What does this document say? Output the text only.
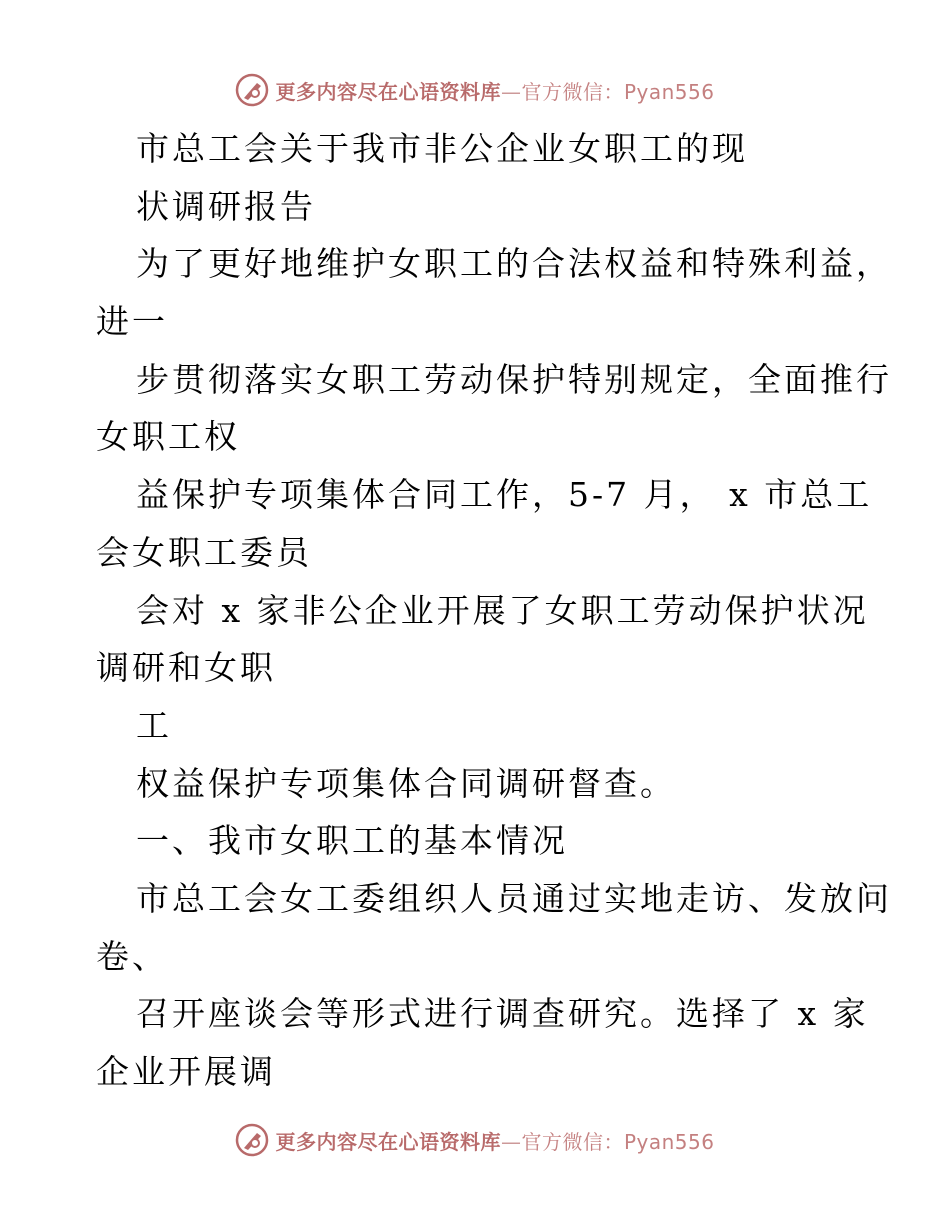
更多内容尽在心语资料库—官方微信：Pyan556
市总工会关于我市非公企业女职工的现
状调研报告
为了更好地维护女职工的合法权益和特殊利益，
进一
步贯彻落实女职工劳动保护特别规定，全面推行
女职工权
益保护专项集体合同工作，5-7 月， x 市总工
会女职工委员
会对 x 家非公企业开展了女职工劳动保护状况
调研和女职
工
权益保护专项集体合同调研督查。
一、我市女职工的基本情况
市总工会女工委组织人员通过实地走访、发放问
卷、
召开座谈会等形式进行调查研究。选择了 x 家
企业开展调
更多内容尽在心语资料库—官方微信：Pyan556
